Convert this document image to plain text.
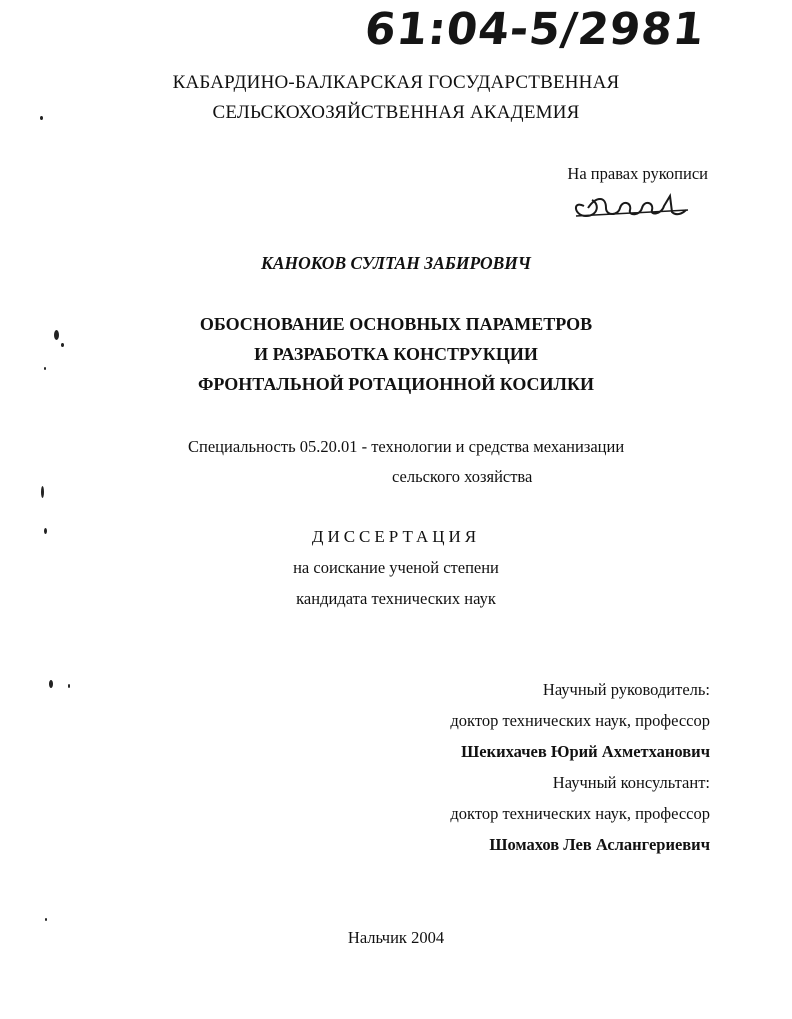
61:04-5/2981
КАБАРДИНО-БАЛКАРСКАЯ ГОСУДАРСТВЕННАЯ
СЕЛЬСКОХОЗЯЙСТВЕННАЯ АКАДЕМИЯ
На правах рукописи
КАНОКОВ СУЛТАН ЗАБИРОВИЧ
ОБОСНОВАНИЕ ОСНОВНЫХ ПАРАМЕТРОВ
И РАЗРАБОТКА КОНСТРУКЦИИ
ФРОНТАЛЬНОЙ РОТАЦИОННОЙ КОСИЛКИ
Специальность 05.20.01 - технологии и средства механизации
сельского хозяйства
ДИССЕРТАЦИЯ
на соискание ученой степени
кандидата технических наук
Научный руководитель:
доктор технических наук, профессор
Шекихачев Юрий Ахметханович
Научный консультант:
доктор технических наук, профессор
Шомахов Лев Аслангериевич
Нальчик 2004
